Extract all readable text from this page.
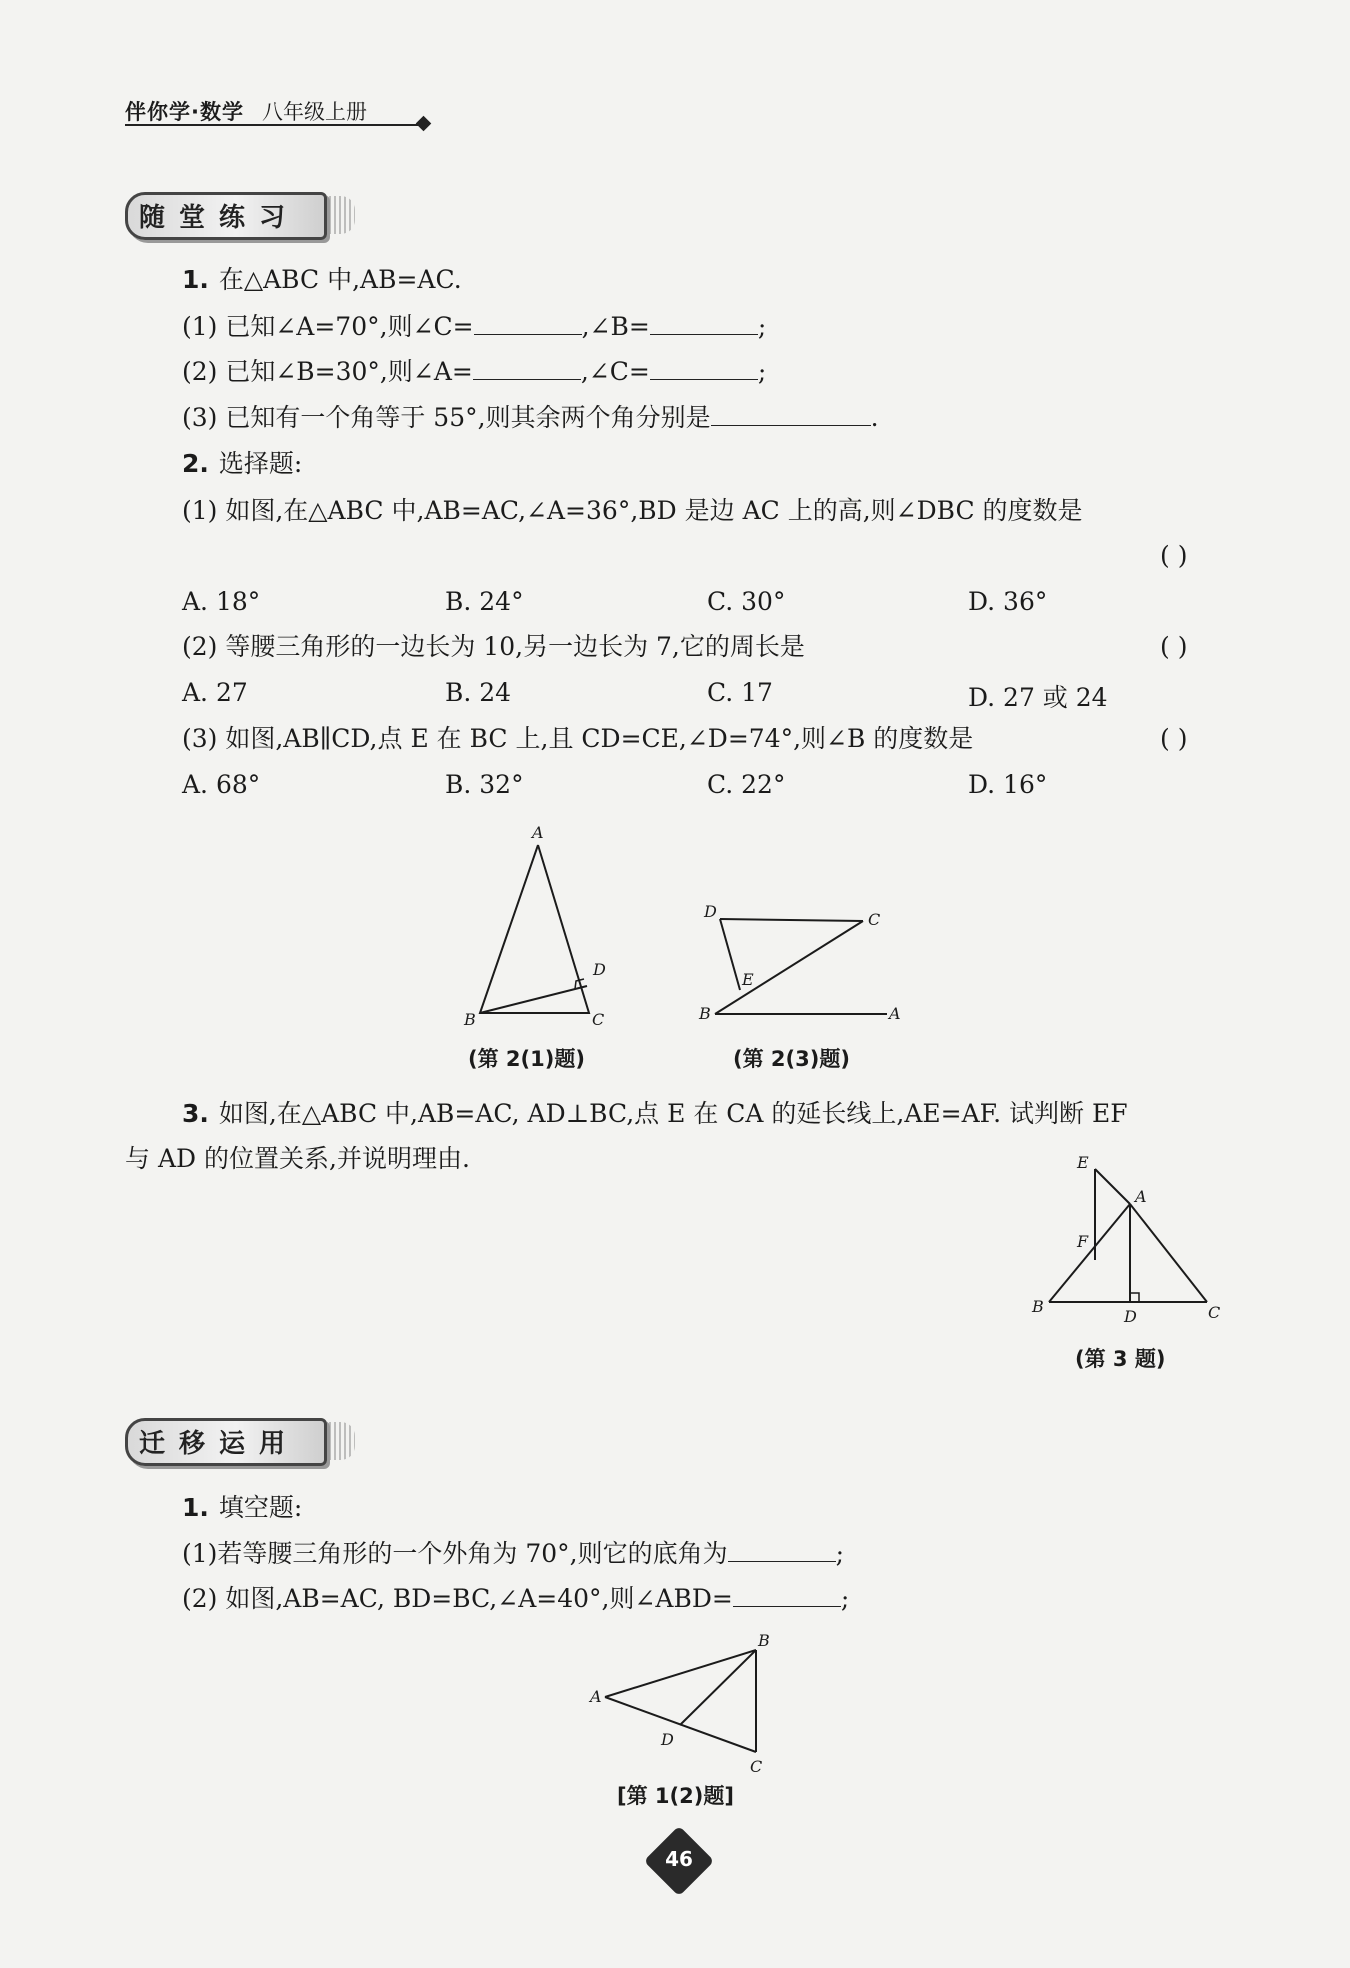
伴你学·数学 八年级上册
随堂练习
1. 在△ABC 中,AB=AC.
(1) 已知∠A=70°,则∠C=	,∠B=	;
(2) 已知∠B=30°,则∠A=	,∠C=	;
(3) 已知有一个角等于 55°,则其余两个角分别是	.
2. 选择题:
(1) 如图,在△ABC 中,AB=AC,∠A=36°,BD 是边 AC 上的高,则∠DBC 的度数是
( )
A. 18°	B. 24°	C. 30°	D. 36°
(2) 等腰三角形的一边长为 10,另一边长为 7,它的周长是	( )
A. 27	B. 24	C. 17	D. 27 或 24
(3) 如图,AB∥CD,点 E 在 BC 上,且 CD=CE,∠D=74°,则∠B 的度数是	( )
A. 68°	B. 32°	C. 22°	D. 16°
A
D
B	C
(第 2(1)题)
D	C
E
B	A
(第 2(3)题)
3. 如图,在△ABC 中,AB=AC, AD⊥BC,点 E 在 CA 的延长线上,AE=AF. 试判断 EF
与 AD 的位置关系,并说明理由.	E
A
F
B
D	C
(第 3 题)
迁移运用
1. 填空题:
(1)若等腰三角形的一个外角为 70°,则它的底角为	;
(2) 如图,AB=AC, BD=BC,∠A=40°,则∠ABD=	;
B
A
D
C
[第 1(2)题]
46
